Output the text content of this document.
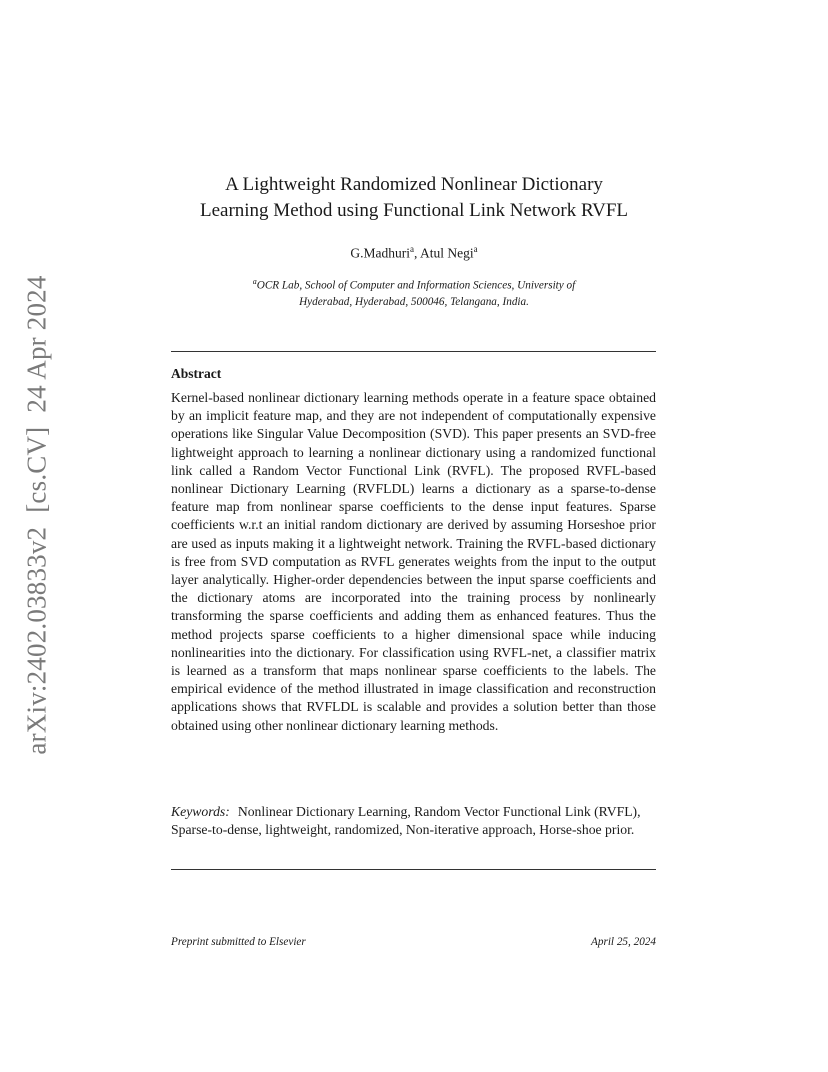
arXiv:2402.03833v2[cs.CV]24 Apr 2024
A Lightweight Randomized Nonlinear Dictionary
Learning Method using Functional Link Network RVFL
G.Madhuri$^a$, Atul Negi$^a$
$^a$OCR Lab, School of Computer and Information Sciences, University of
Hyderabad, Hyderabad, 500046, Telangana, India.
Abstract
Kernel-based nonlinear dictionary learning methods operate in a feature space obtained by an implicit feature map, and they are not independent of computationally expensive operations like Singular Value Decomposition (SVD). This paper presents an SVD-free lightweight approach to learning a nonlinear dictionary using a randomized functional link called a Random Vector Functional Link (RVFL). The proposed RVFL-based nonlinear Dictionary Learning (RVFLDL) learns a dictionary as a sparse-to-dense feature map from nonlinear sparse coefficients to the dense input features. Sparse coefficients w.r.t an initial random dictionary are derived by assuming Horseshoe prior are used as inputs making it a lightweight network. Training the RVFL-based dictionary is free from SVD computation as RVFL generates weights from the input to the output layer analytically. Higher-order dependencies between the input sparse coefficients and the dictionary atoms are incorporated into the training process by nonlinearly transforming the sparse coefficients and adding them as enhanced features. Thus the method projects sparse coefficients to a higher dimensional space while inducing nonlinearities into the dictionary. For classification using RVFL-net, a classifier matrix is learned as a transform that maps nonlinear sparse coefficients to the labels. The empirical evidence of the method illustrated in image classification and reconstruction applications shows that RVFLDL is scalable and provides a solution better than those obtained using other nonlinear dictionary learning methods.
Keywords: Nonlinear Dictionary Learning, Random Vector Functional Link (RVFL), Sparse-to-dense, lightweight, randomized, Non-iterative approach, Horse-shoe prior.
Preprint submitted to Elsevier	April 25, 2024
